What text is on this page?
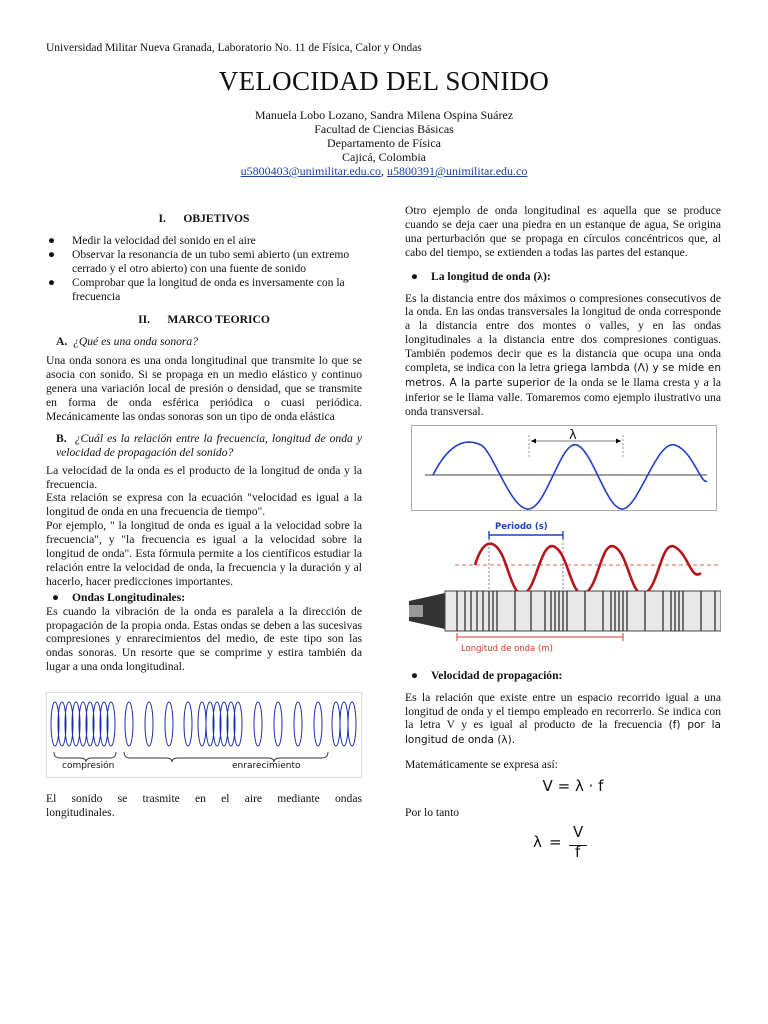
Universidad Militar Nueva Granada, Laboratorio No. 11 de Física, Calor y Ondas
VELOCIDAD DEL SONIDO
Manuela Lobo Lozano, Sandra Milena Ospina Suárez
Facultad de Ciencias Básicas
Departamento de Física
Cajicá, Colombia
u5800403@unimilitar.edu.co, u5800391@unimilitar.edu.co

I. OBJETIVOS

● Medir la velocidad del sonido en el aire
● Observar la resonancia de un tubo semi abierto (un extremo cerrado y el otro abierto) con una fuente de sonido
● Comprobar que la longitud de onda es inversamente con la frecuencia

II. MARCO TEORICO

A. ¿Qué es una onda sonora?

Una onda sonora es una onda longitudinal que transmite lo que se asocia con sonido. Si se propaga en un medio elástico y continuo genera una variación local de presión o densidad, que se transmite en forma de onda esférica periódica o cuasi periódica. Mecánicamente las ondas sonoras son un tipo de onda elástica

B. ¿Cuál es la relación entre la frecuencia, longitud de onda y velocidad de propagación del sonido?

La velocidad de la onda es el producto de la longitud de onda y la frecuencia.

Esta relación se expresa con la ecuación "velocidad es igual a la longitud de onda en una frecuencia de tiempo".

Por ejemplo, " la longitud de onda es igual a la velocidad sobre la frecuencia", y "la frecuencia es igual a la velocidad sobre la longitud de onda". Esta fórmula permite a los científicos estudiar la relación entre la velocidad de onda, la frecuencia y la duración y al hacerlo, hacer predicciones importantes.

● Ondas Longitudinales:

Es cuando la vibración de la onda es paralela a la dirección de propagación de la propia onda. Estas ondas se deben a las sucesivas compresiones y enrarecimientos del medio, de este tipo son las ondas sonoras. Un resorte que se comprime y estira también da lugar a una onda longitudinal.

compresión	enrarecimiento

El sonido se trasmite en el aire mediante ondas longitudinales.

Otro ejemplo de onda longitudinal es aquella que se produce cuando se deja caer una piedra en un estanque de agua, Se origina una perturbación que se propaga en círculos concéntricos que, al cabo del tiempo, se extienden a todas las partes del estanque.

● La longitud de onda (λ):

Es la distancia entre dos máximos o compresiones consecutivos de la onda. En las ondas transversales la longitud de onda corresponde a la distancia entre dos montes o valles, y en las ondas longitudinales a la distancia entre dos compresiones contiguas. También podemos decir que es la distancia que ocupa una onda completa, se indica con la letra griega lambda (Λ) y se mide en metros. A la parte superior de la onda se le llama cresta y a la inferior se le llama valle. Tomaremos como ejemplo ilustrativo una onda transversal.

λ
Periodo (s)
Longitud de onda (m)

● Velocidad de propagación:

Es la relación que existe entre un espacio recorrido igual a una longitud de onda y el tiempo empleado en recorrerlo. Se indica con la letra V y es igual al producto de la frecuencia (f) por la longitud de onda (λ).

Matemáticamente se expresa así:

V = λ · f

Por lo tanto

λ =
V
f
